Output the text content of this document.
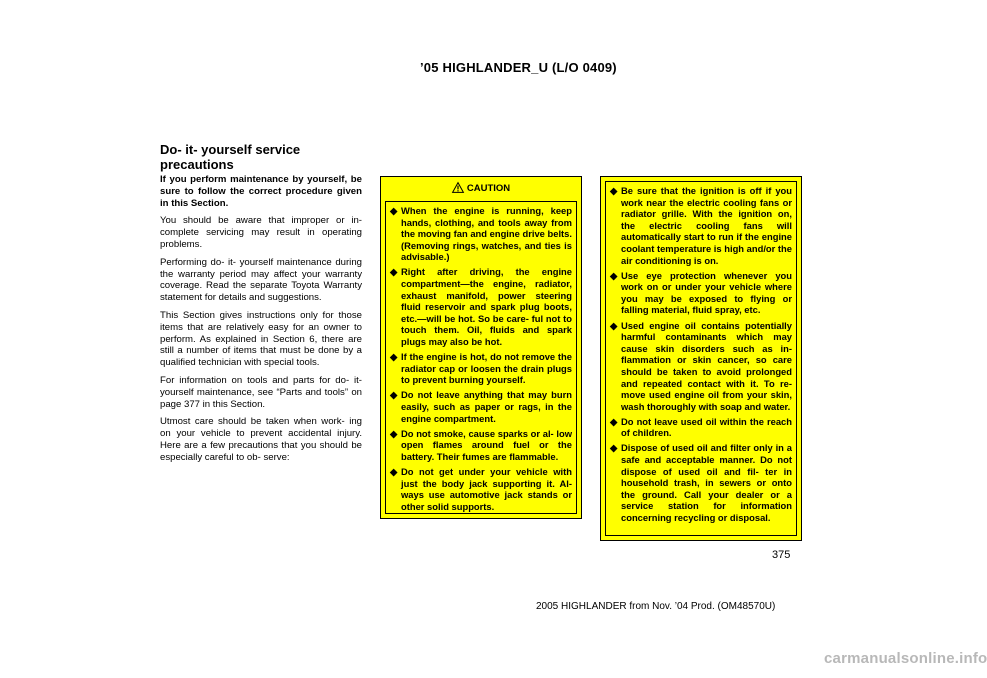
’05 HIGHLANDER_U (L/O 0409)
Do- it- yourself service
precautions

If you perform maintenance by yourself, be sure to follow the correct procedure given in this Section.

You should be aware that improper or in- complete servicing may result in operating problems.

Performing do- it- yourself maintenance during the warranty period may affect your warranty coverage. Read the separate Toyota Warranty statement for details and suggestions.

This Section gives instructions only for those items that are relatively easy for an owner to perform. As explained in Section 6, there are still a number of items that must be done by a qualified technician with special tools.

For information on tools and parts for do- it- yourself maintenance, see “Parts and tools” on page 377 in this Section.

Utmost care should be taken when work- ing on your vehicle to prevent accidental injury. Here are a few precautions that you should be especially careful to ob- serve:

CAUTION
◆ When the engine is running, keep hands, clothing, and tools away from the moving fan and engine drive belts. (Removing rings, watches, and ties is advisable.)
◆ Right after driving, the engine compartment—the engine, radiator, exhaust manifold, power steering fluid reservoir and spark plug boots, etc.—will be hot. So be care- ful not to touch them. Oil, fluids and spark plugs may also be hot.
◆ If the engine is hot, do not remove the radiator cap or loosen the drain plugs to prevent burning yourself.
◆ Do not leave anything that may burn easily, such as paper or rags, in the engine compartment.
◆ Do not smoke, cause sparks or al- low open flames around fuel or the battery. Their fumes are flammable.
◆ Do not get under your vehicle with just the body jack supporting it. Al- ways use automotive jack stands or other solid supports.
◆ Be sure that the ignition is off if you work near the electric cooling fans or radiator grille. With the ignition on, the electric cooling fans will automatically start to run if the engine coolant temperature is high and/or the air conditioning is on.
◆ Use eye protection whenever you work on or under your vehicle where you may be exposed to flying or falling material, fluid spray, etc.
◆ Used engine oil contains potentially harmful contaminants which may cause skin disorders such as in- flammation or skin cancer, so care should be taken to avoid prolonged and repeated contact with it. To re- move used engine oil from your skin, wash thoroughly with soap and water.
◆ Do not leave used oil within the reach of children.
◆ Dispose of used oil and filter only in a safe and acceptable manner. Do not dispose of used oil and fil- ter in household trash, in sewers or onto the ground. Call your dealer or a service station for information concerning recycling or disposal.
375
2005 HIGHLANDER from Nov. ’04 Prod. (OM48570U)
carmanualsonline.info
